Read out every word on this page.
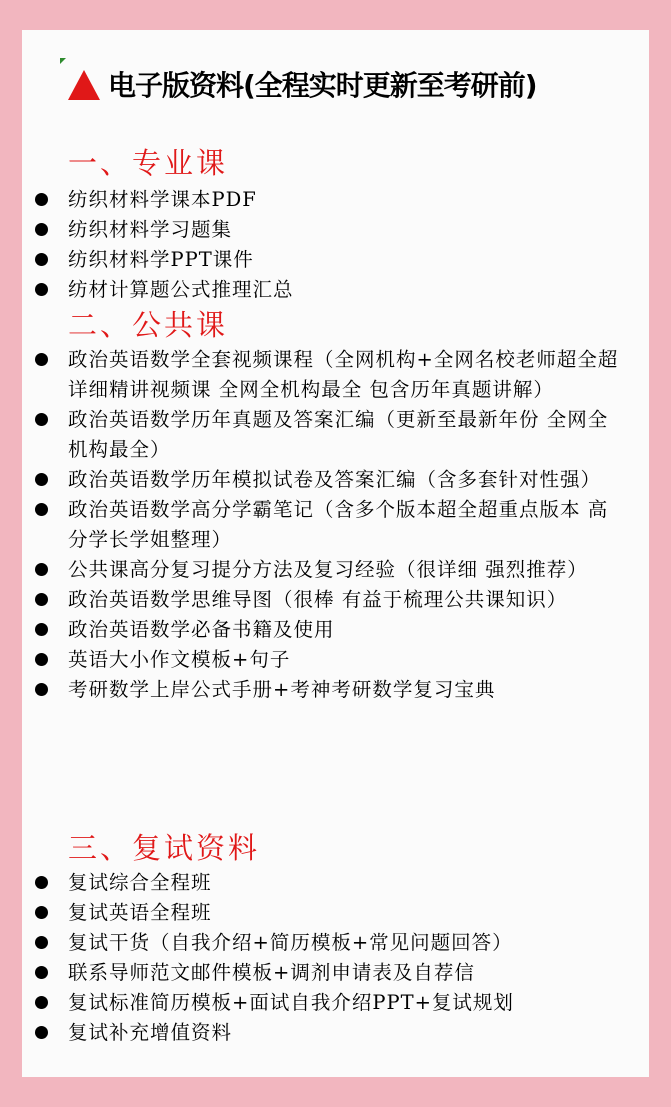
电子版资料(全程实时更新至考研前)
一、专业课
纺织材料学课本PDF
纺织材料学习题集
纺织材料学PPT课件
纺材计算题公式推理汇总
二、公共课
政治英语数学全套视频课程（全网机构+全网名校老师超全超详细精讲视频课 全网全机构最全 包含历年真题讲解）
政治英语数学历年真题及答案汇编（更新至最新年份 全网全机构最全）
政治英语数学历年模拟试卷及答案汇编（含多套针对性强）
政治英语数学高分学霸笔记（含多个版本超全超重点版本 高分学长学姐整理）
公共课高分复习提分方法及复习经验（很详细 强烈推荐）
政治英语数学思维导图（很棒 有益于梳理公共课知识）
政治英语数学必备书籍及使用
英语大小作文模板+句子
考研数学上岸公式手册+考神考研数学复习宝典
三、复试资料
复试综合全程班
复试英语全程班
复试干货（自我介绍+简历模板+常见问题回答）
联系导师范文邮件模板+调剂申请表及自荐信
复试标准简历模板+面试自我介绍PPT+复试规划
复试补充增值资料
